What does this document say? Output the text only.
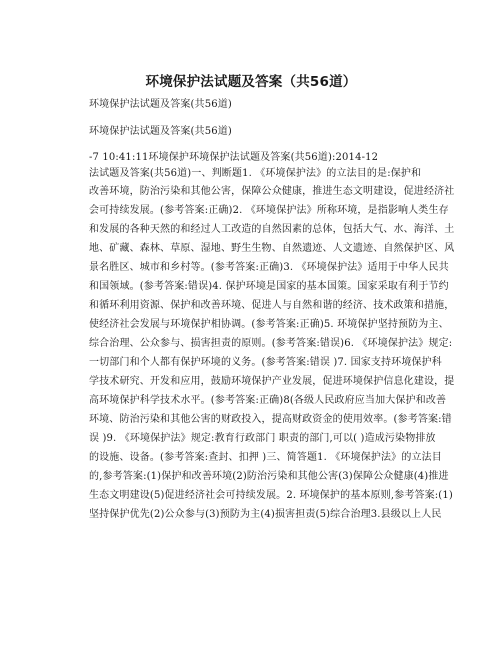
环境保护法试题及答案（共56道）
环境保护法试题及答案(共56道)
环境保护法试题及答案(共56道)
-7 10:41:11环境保护环境保护法试题及答案(共56道):2014-12
法试题及答案(共56道)一、判断题1. 《环境保护法》的立法目的是:保护和
改善环境，防治污染和其他公害，保障公众健康，推进生态文明建设，促进经济社
会可持续发展。(参考答案:正确)2. 《环境保护法》所称环境，是指影响人类生存
和发展的各种天然的和经过人工改造的自然因素的总体，包括大气、水、海洋、土
地、矿藏、森林、草原、湿地、野生生物、自然遗迹、人文遗迹、自然保护区、风
景名胜区、城市和乡村等。(参考答案:正确)3. 《环境保护法》适用于中华人民共
和国领域。(参考答案:错误)4. 保护环境是国家的基本国策。国家采取有利于节约
和循环利用资源、保护和改善环境、促进人与自然和谐的经济、技术政策和措施，
使经济社会发展与环境保护相协调。(参考答案:正确)5. 环境保护坚持预防为主、
综合治理、公众参与、损害担责的原则。(参考答案:错误)6. 《环境保护法》规定:
一切部门和个人都有保护环境的义务。(参考答案:错误 )7. 国家支持环境保护科
学技术研究、开发和应用，鼓励环境保护产业发展，促进环境保护信息化建设，提
高环境保护科学技术水平。(参考答案:正确)8(各级人民政府应当加大保护和改善
环境、防治污染和其他公害的财政投入，提高财政资金的使用效率。(参考答案:错
误 )9. 《环境保护法》规定:教育行政部门 职责的部门,可以( )造成污染物排放
的设施、设备。(参考答案:查封、扣押 )三、简答题1. 《环境保护法》的立法目
的,参考答案:(1)保护和改善环境(2)防治污染和其他公害(3)保障公众健康(4)推进
生态文明建设(5)促进经济社会可持续发展。2. 环境保护的基本原则,参考答案:(1)
坚持保护优先(2)公众参与(3)预防为主(4)损害担责(5)综合治理3.县级以上人民
